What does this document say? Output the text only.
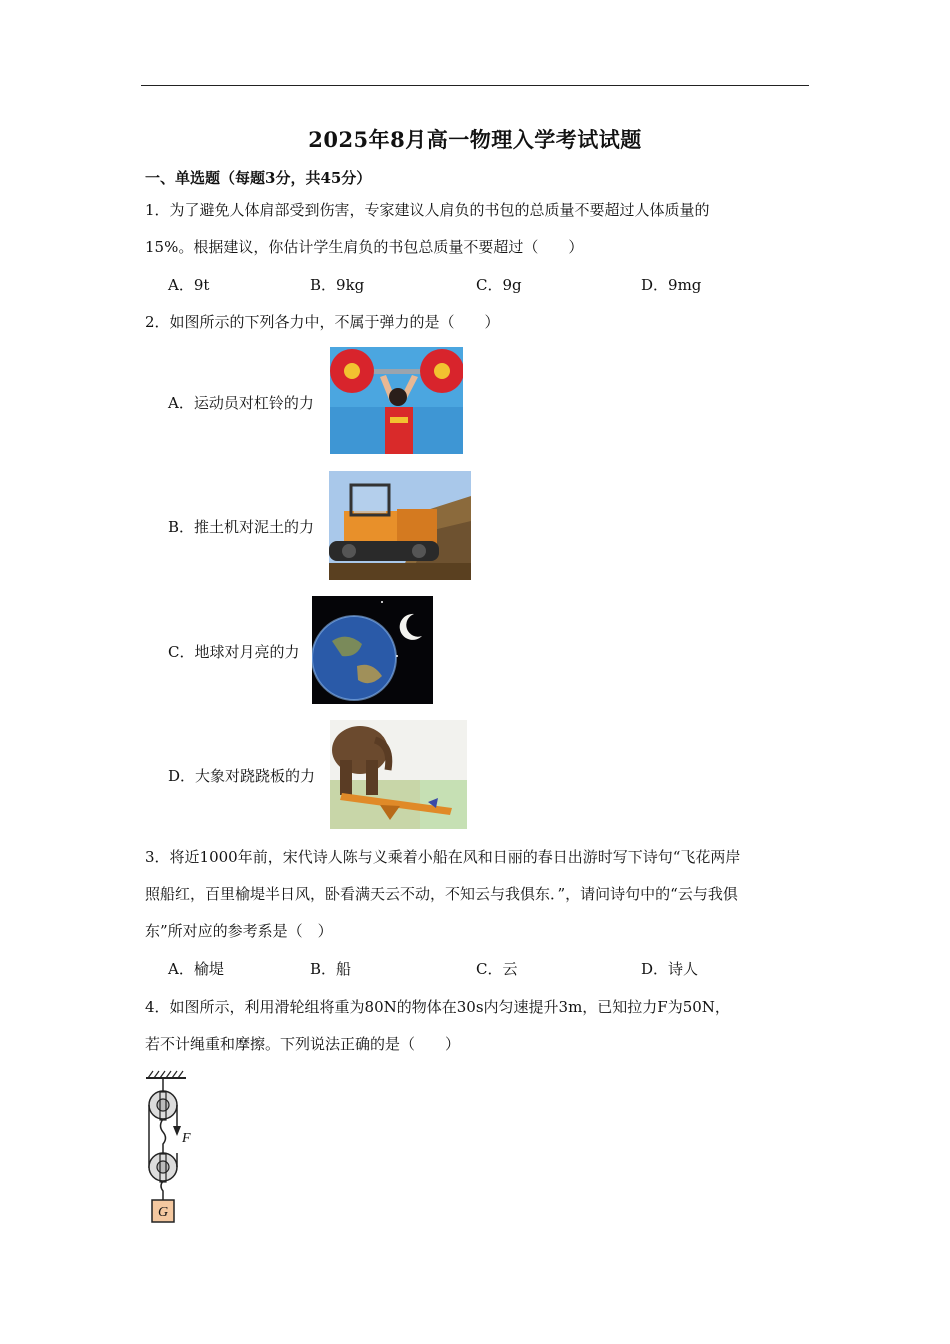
2025年8月高一物理入学考试试题
一、单选题（每题3分，共45分）
1．为了避免人体肩部受到伤害，专家建议人肩负的书包的总质量不要超过人体质量的
15%。根据建议，你估计学生肩负的书包总质量不要超过（　　）
A．9t	B．9kg	C．9g	D．9mg
2．如图所示的下列各力中，不属于弹力的是（　　）
A．运动员对杠铃的力
B．推土机对泥土的力
C．地球对月亮的力
D．大象对跷跷板的力
3．将近1000年前，宋代诗人陈与义乘着小船在风和日丽的春日出游时写下诗句“飞花两岸
照船红，百里榆堤半日风，卧看满天云不动，不知云与我俱东．”，请问诗句中的“云与我俱
东”所对应的参考系是（　）
A．榆堤	B．船	C．云	D．诗人
4．如图所示，利用滑轮组将重为80N的物体在30s内匀速提升3m，已知拉力F为50N，
若不计绳重和摩擦。下列说法正确的是（　　）
F
G
